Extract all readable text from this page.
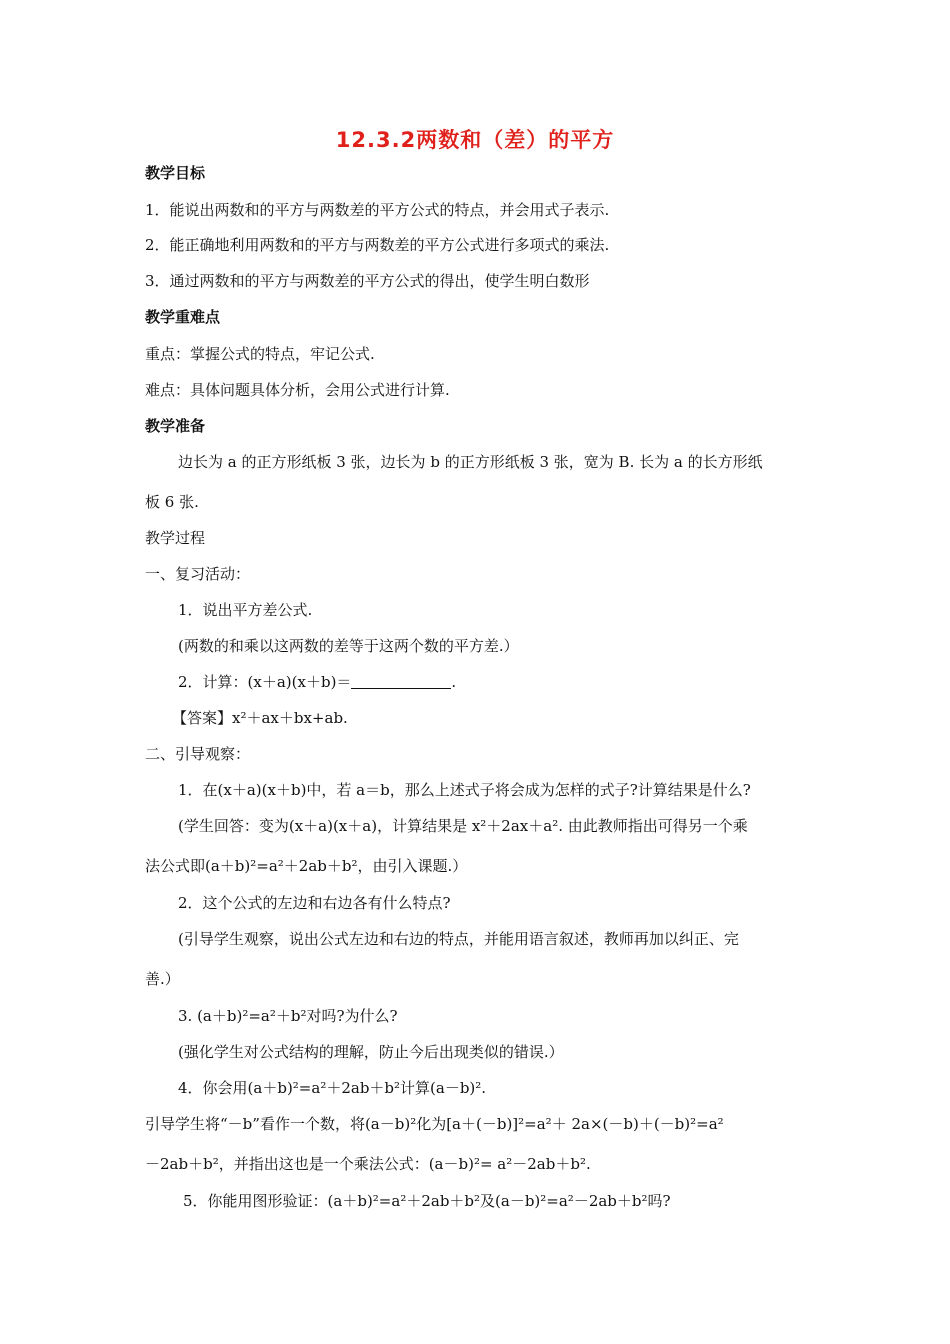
12.3.2两数和（差）的平方
教学目标
1．能说出两数和的平方与两数差的平方公式的特点，并会用式子表示.
2．能正确地利用两数和的平方与两数差的平方公式进行多项式的乘法.
3．通过两数和的平方与两数差的平方公式的得出，使学生明白数形
教学重难点
重点：掌握公式的特点，牢记公式.
难点：具体问题具体分析，会用公式进行计算.
教学准备
边长为 a 的正方形纸板 3 张，边长为 b 的正方形纸板 3 张，宽为 B. 长为 a 的长方形纸
板 6 张.
教学过程
一、复习活动：
1．说出平方差公式.
(两数的和乘以这两数的差等于这两个数的平方差.）
2．计算：(x＋a)(x＋b)＝	.
【答案】x²＋ax＋bx+ab.
二、引导观察：
1．在(x＋a)(x＋b)中，若 a＝b，那么上述式子将会成为怎样的式子?计算结果是什么?
(学生回答：变为(x＋a)(x＋a)，计算结果是 x²＋2ax＋a². 由此教师指出可得另一个乘
法公式即(a＋b)²=a²＋2ab＋b²，由引入课题.）
2．这个公式的左边和右边各有什么特点?
(引导学生观察，说出公式左边和右边的特点，并能用语言叙述，教师再加以纠正、完
善.）
3. (a＋b)²=a²＋b²对吗?为什么?
(强化学生对公式结构的理解，防止今后出现类似的错误.）
4．你会用(a＋b)²=a²＋2ab＋b²计算(a－b)².
引导学生将“－b”看作一个数，将(a－b)²化为[a＋(－b)]²=a²＋ 2a×(－b)＋(－b)²=a²
－2ab＋b²，并指出这也是一个乘法公式：(a－b)²= a²－2ab＋b².
5．你能用图形验证：(a＋b)²=a²＋2ab＋b²及(a－b)²=a²－2ab＋b²吗?
